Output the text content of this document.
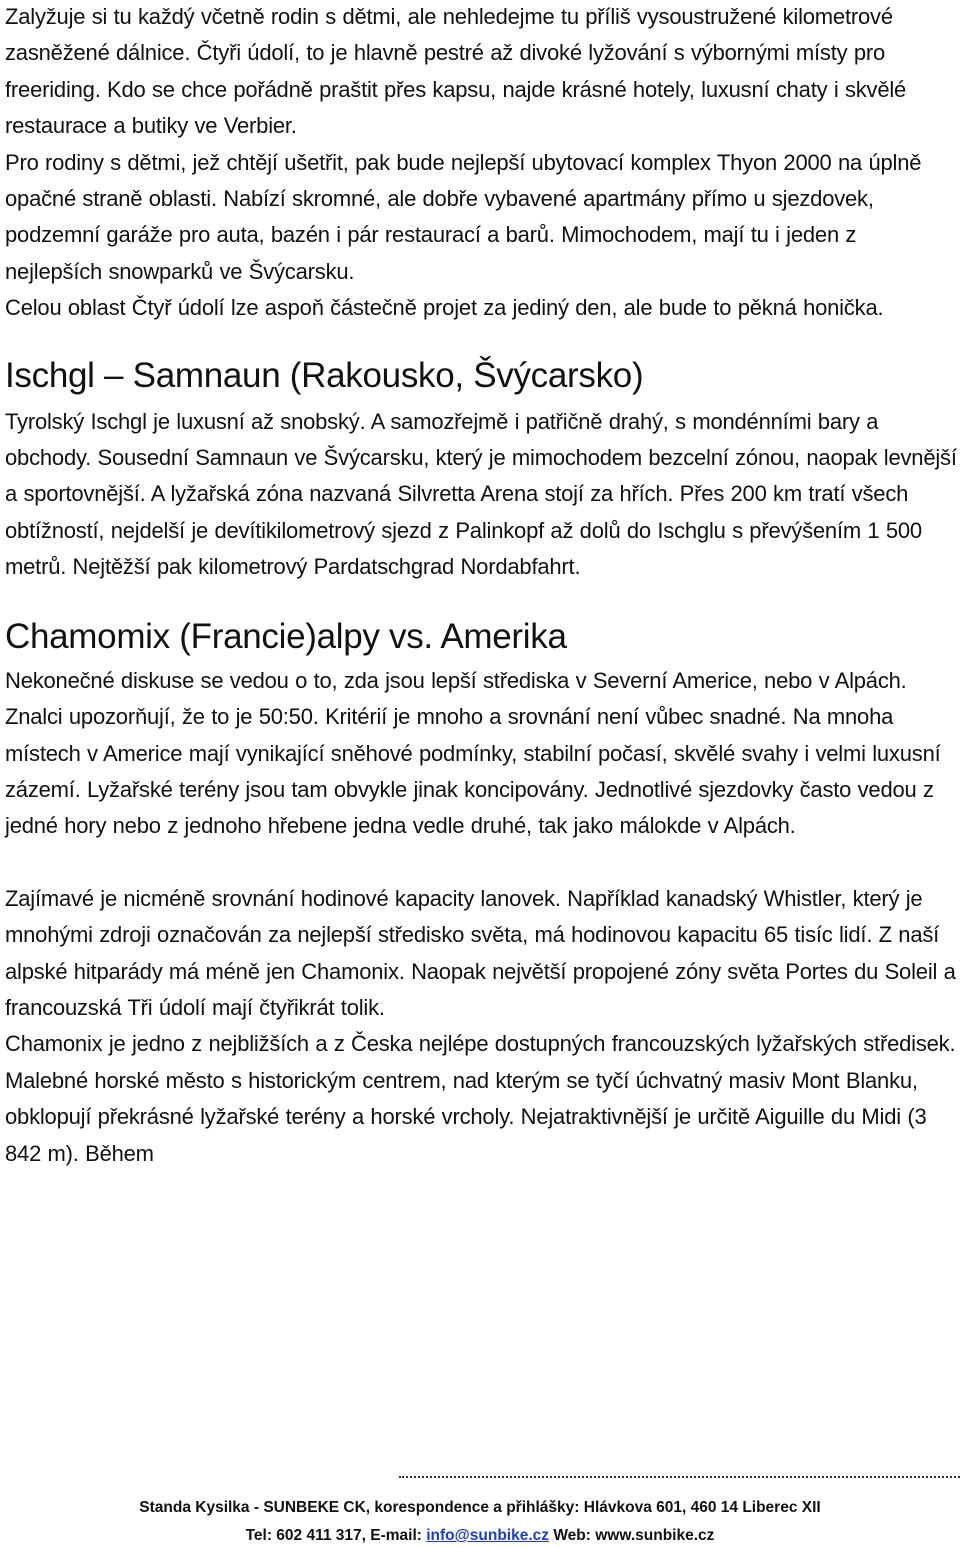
Zalyžuje si tu každý včetně rodin s dětmi, ale nehledejme tu příliš vysoustružené kilometrové zasněžené dálnice. Čtyři údolí, to je hlavně pestré až divoké lyžování s výbornými místy pro freeriding. Kdo se chce pořádně praštit přes kapsu, najde krásné hotely, luxusní chaty i skvělé restaurace a butiky ve Verbier.

Pro rodiny s dětmi, jež chtějí ušetřit, pak bude nejlepší ubytovací komplex Thyon 2000 na úplně opačné straně oblasti. Nabízí skromné, ale dobře vybavené apartmány přímo u sjezdovek, podzemní garáže pro auta, bazén i pár restaurací a barů. Mimochodem, mají tu i jeden z nejlepších snowparků ve Švýcarsku.

Celou oblast Čtyř údolí lze aspoň částečně projet za jediný den, ale bude to pěkná honička.

Ischgl – Samnaun (Rakousko, Švýcarsko)

Tyrolský Ischgl je luxusní až snobský. A samozřejmě i patřičně drahý, s mondénními bary a obchody. Sousední Samnaun ve Švýcarsku, který je mimochodem bezcelní zónou, naopak levnější a sportovnější. A lyžařská zóna nazvaná Silvretta Arena stojí za hřích. Přes 200 km tratí všech obtížností, nejdelší je devítikilometrový sjezd z Palinkopf až dolů do Ischglu s převýšením 1 500 metrů. Nejtěžší pak kilometrový Pardatschgrad Nordabfahrt.

Chamomix (Francie)alpy vs. Amerika

Nekonečné diskuse se vedou o to, zda jsou lepší střediska v Severní Americe, nebo v Alpách. Znalci upozorňují, že to je 50:50. Kritérií je mnoho a srovnání není vůbec snadné. Na mnoha místech v Americe mají vynikající sněhové podmínky, stabilní počasí, skvělé svahy i velmi luxusní zázemí. Lyžařské terény jsou tam obvykle jinak koncipovány. Jednotlivé sjezdovky často vedou z jedné hory nebo z jednoho hřebene jedna vedle druhé, tak jako málokde v Alpách.

Zajímavé je nicméně srovnání hodinové kapacity lanovek. Například kanadský Whistler, který je mnohými zdroji označován za nejlepší středisko světa, má hodinovou kapacitu 65 tisíc lidí. Z naší alpské hitparády má méně jen Chamonix. Naopak největší propojené zóny světa Portes du Soleil a francouzská Tři údolí mají čtyřikrát tolik.

Chamonix je jedno z nejbližších a z Česka nejlépe dostupných francouzských lyžařských středisek. Malebné horské město s historickým centrem, nad kterým se tyčí úchvatný masiv Mont Blanku, obklopují překrásné lyžařské terény a horské vrcholy. Nejatraktivnější je určitě Aiguille du Midi (3 842 m). Během

Standa Kysilka - SUNBEKE CK, korespondence a přihlášky: Hlávkova 601, 460 14 Liberec XII
Tel: 602 411 317, E-mail: info@sunbike.cz Web: www.sunbike.cz
